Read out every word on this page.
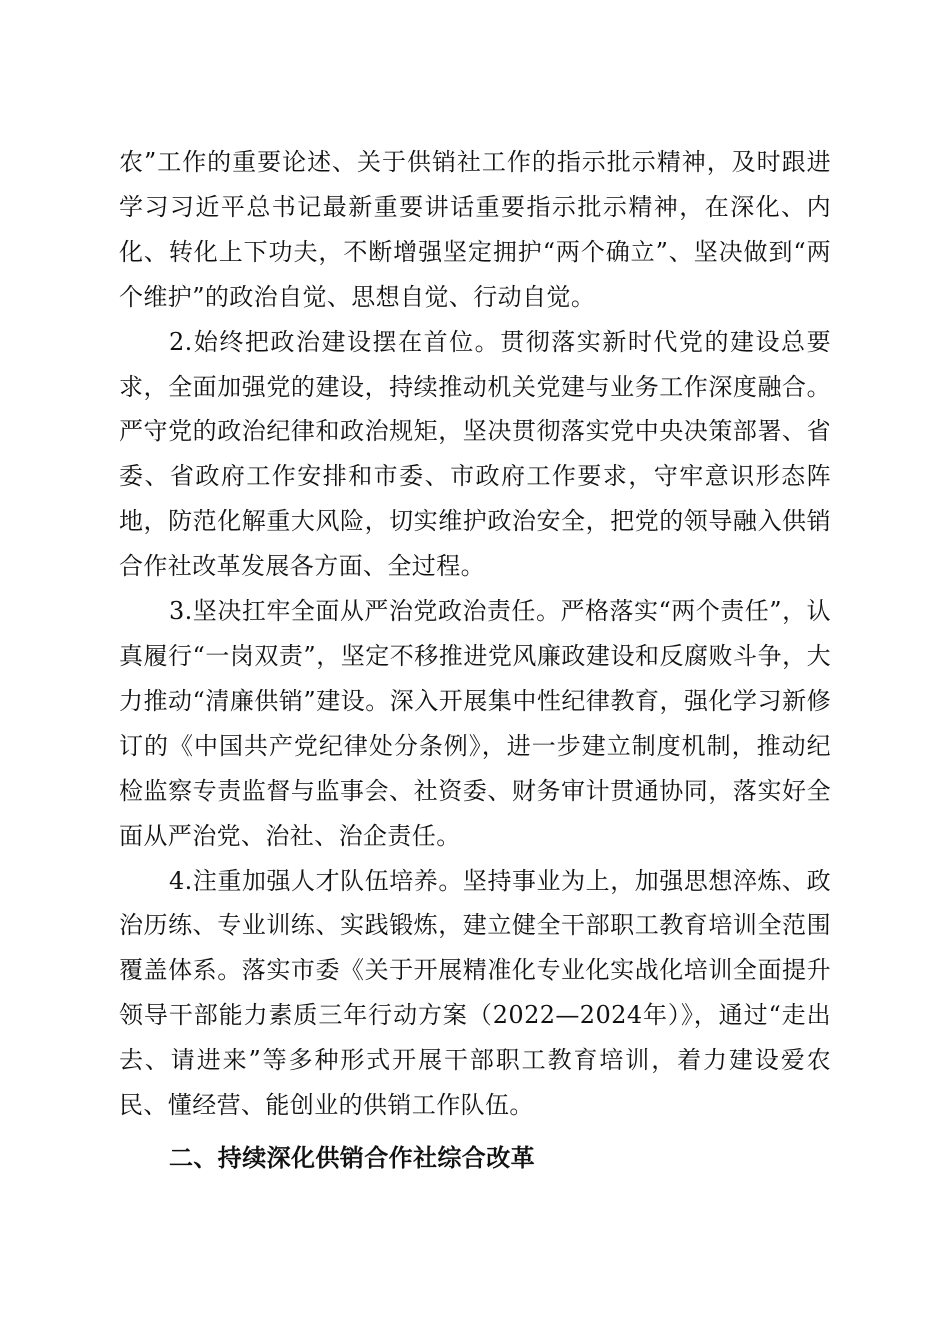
农”工作的重要论述、关于供销社工作的指示批示精神，及时跟进学习习近平总书记最新重要讲话重要指示批示精神，在深化、内化、转化上下功夫，不断增强坚定拥护“两个确立”、坚决做到“两个维护”的政治自觉、思想自觉、行动自觉。

2.始终把政治建设摆在首位。贯彻落实新时代党的建设总要求，全面加强党的建设，持续推动机关党建与业务工作深度融合。严守党的政治纪律和政治规矩，坚决贯彻落实党中央决策部署、省委、省政府工作安排和市委、市政府工作要求，守牢意识形态阵地，防范化解重大风险，切实维护政治安全，把党的领导融入供销合作社改革发展各方面、全过程。

3.坚决扛牢全面从严治党政治责任。严格落实“两个责任”，认真履行“一岗双责”，坚定不移推进党风廉政建设和反腐败斗争，大力推动“清廉供销”建设。深入开展集中性纪律教育，强化学习新修订的《中国共产党纪律处分条例》，进一步建立制度机制，推动纪检监察专责监督与监事会、社资委、财务审计贯通协同，落实好全面从严治党、治社、治企责任。

4.注重加强人才队伍培养。坚持事业为上，加强思想淬炼、政治历练、专业训练、实践锻炼，建立健全干部职工教育培训全范围覆盖体系。落实市委《关于开展精准化专业化实战化培训全面提升领导干部能力素质三年行动方案（2022—2024年）》，通过“走出去、请进来”等多种形式开展干部职工教育培训，着力建设爱农民、懂经营、能创业的供销工作队伍。

二、持续深化供销合作社综合改革
